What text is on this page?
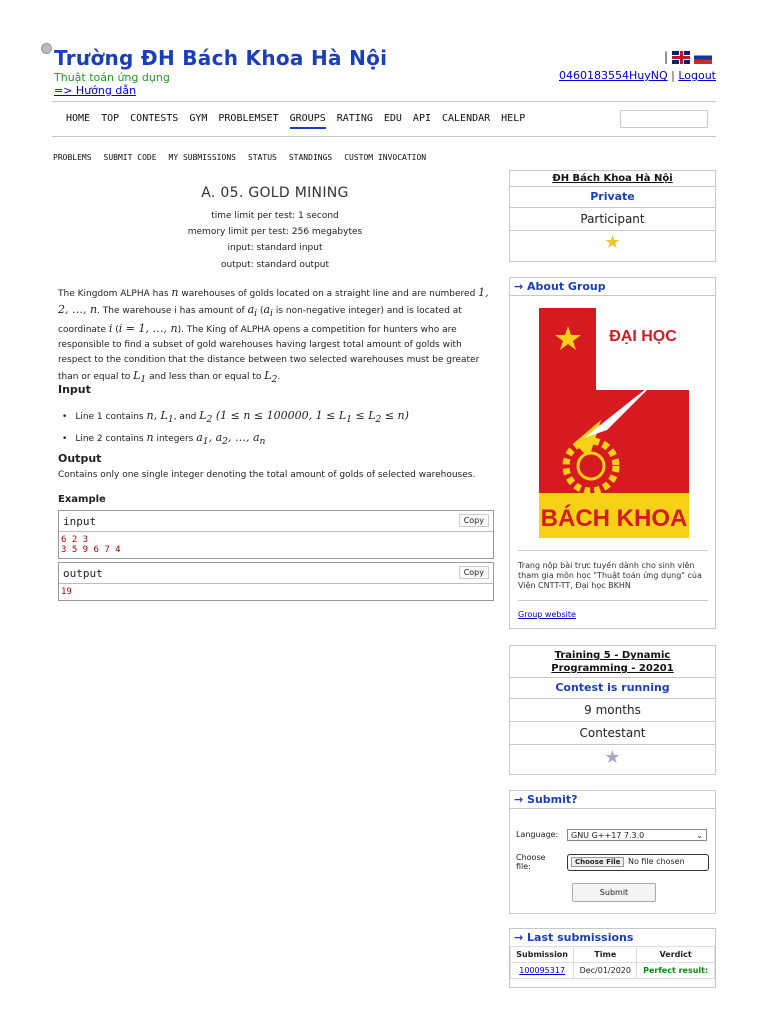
Trường ĐH Bách Khoa Hà Nội
Thuật toán ứng dụng
=> Hướng dẫn
|
0460183554HuyNQ | Logout
HOME TOP CONTESTS GYM PROBLEMSET GROUPS RATING EDU API CALENDAR HELP
PROBLEMS SUBMIT CODE MY SUBMISSIONS STATUS STANDINGS CUSTOM INVOCATION
A. 05. GOLD MINING
time limit per test: 1 second
memory limit per test: 256 megabytes
input: standard input
output: standard output
The Kingdom ALPHA has n warehouses of golds located on a straight line and are numbered 1, 2, …, n. The warehouse i has amount of $a_i$ ($a_i$ is non-negative integer) and is located at coordinate i (i = 1, …, n). The King of ALPHA opens a competition for hunters who are responsible to find a subset of gold warehouses having largest total amount of golds with respect to the condition that the distance between two selected warehouses must be greater than or equal to $L_1$ and less than or equal to $L_2$.
Input
• Line 1 contains n, $L_1$, and $L_2$ (1 ≤ n ≤ 100000, $1 \le L_1 \le L_2 \le n$)
• Line 2 contains n integers $a_1$, $a_2$, …, $a_n$
Output
Contains only one single integer denoting the total amount of golds of selected warehouses.
Example
input	Copy
6 2 3
3 5 9 6 7 4
output	Copy
19
ĐH Bách Khoa Hà Nội
Private
Participant
★
→ About Group
ĐẠI HỌC
BÁCH KHOA
Trang nộp bài trực tuyến dành cho sinh viên tham gia môn học "Thuật toán ứng dụng" của Viện CNTT-TT, Đại học BKHN
Group website
Training 5 - Dynamic
Programming - 20201
Contest is running
9 months
Contestant
★
→ Submit?
Language:	GNU G++17 7.3.0	⌄
Choose
file:	Choose File No file chosen
Submit
→ Last submissions
Submission	Time	Verdict
100095317	Dec/01/2020	Perfect result:
